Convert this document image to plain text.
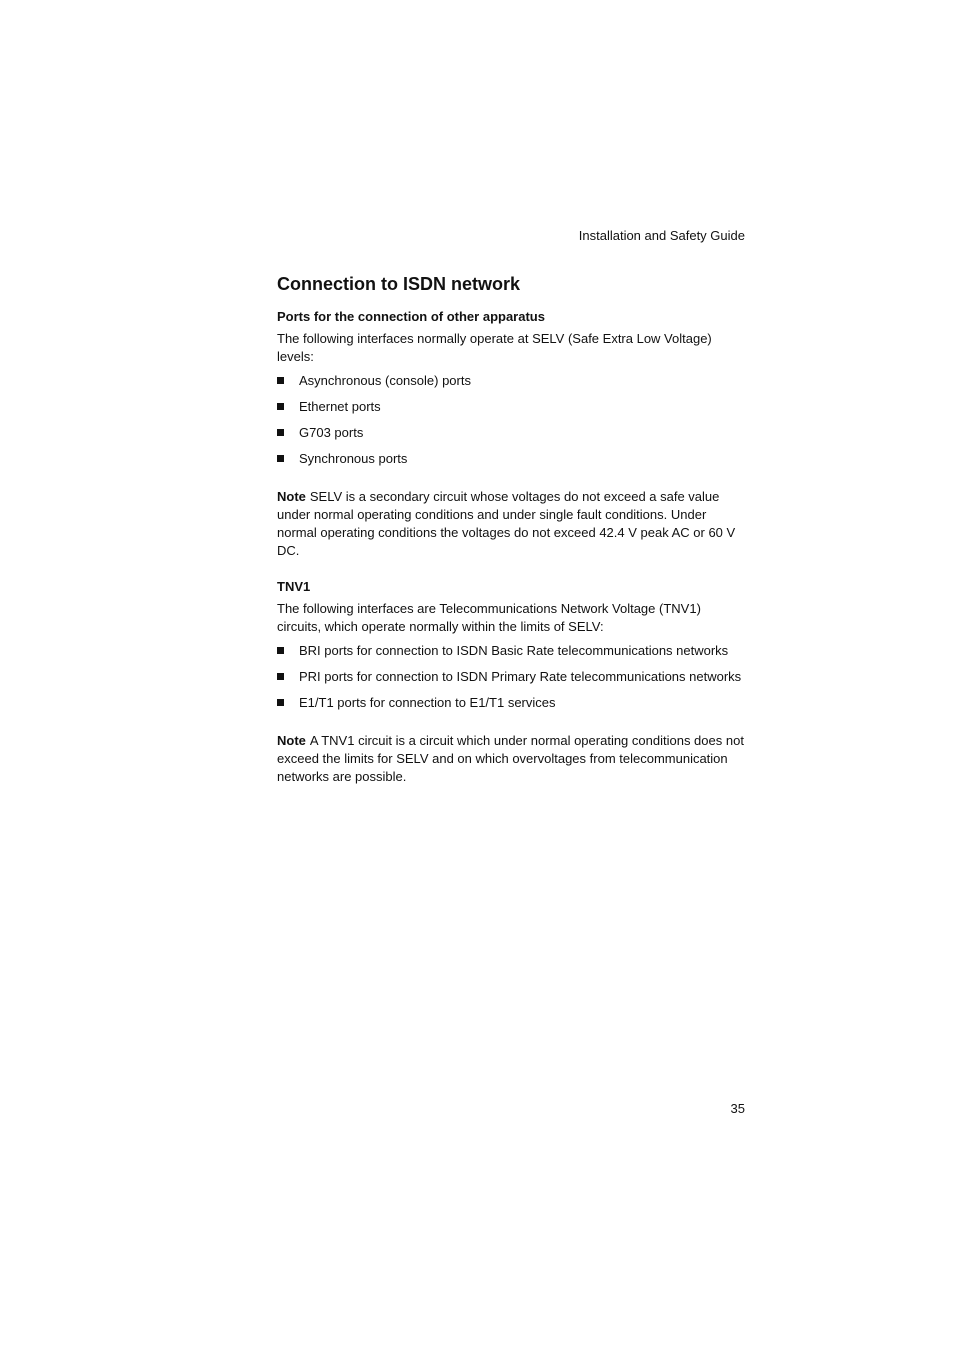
Installation and Safety Guide
Connection to ISDN network
Ports for the connection of other apparatus

The following interfaces normally operate at SELV (Safe Extra Low Voltage) levels:

Asynchronous (console) ports
Ethernet ports
G703 ports
Synchronous ports

Note SELV is a secondary circuit whose voltages do not exceed a safe value under normal operating conditions and under single fault conditions. Under normal operating conditions the voltages do not exceed 42.4 V peak AC or 60 V DC.

TNV1

The following interfaces are Telecommunications Network Voltage (TNV1) circuits, which operate normally within the limits of SELV:

BRI ports for connection to ISDN Basic Rate telecommunications networks
PRI ports for connection to ISDN Primary Rate telecommunications networks
E1/T1 ports for connection to E1/T1 services

Note A TNV1 circuit is a circuit which under normal operating conditions does not exceed the limits for SELV and on which overvoltages from telecommunication networks are possible.

35
